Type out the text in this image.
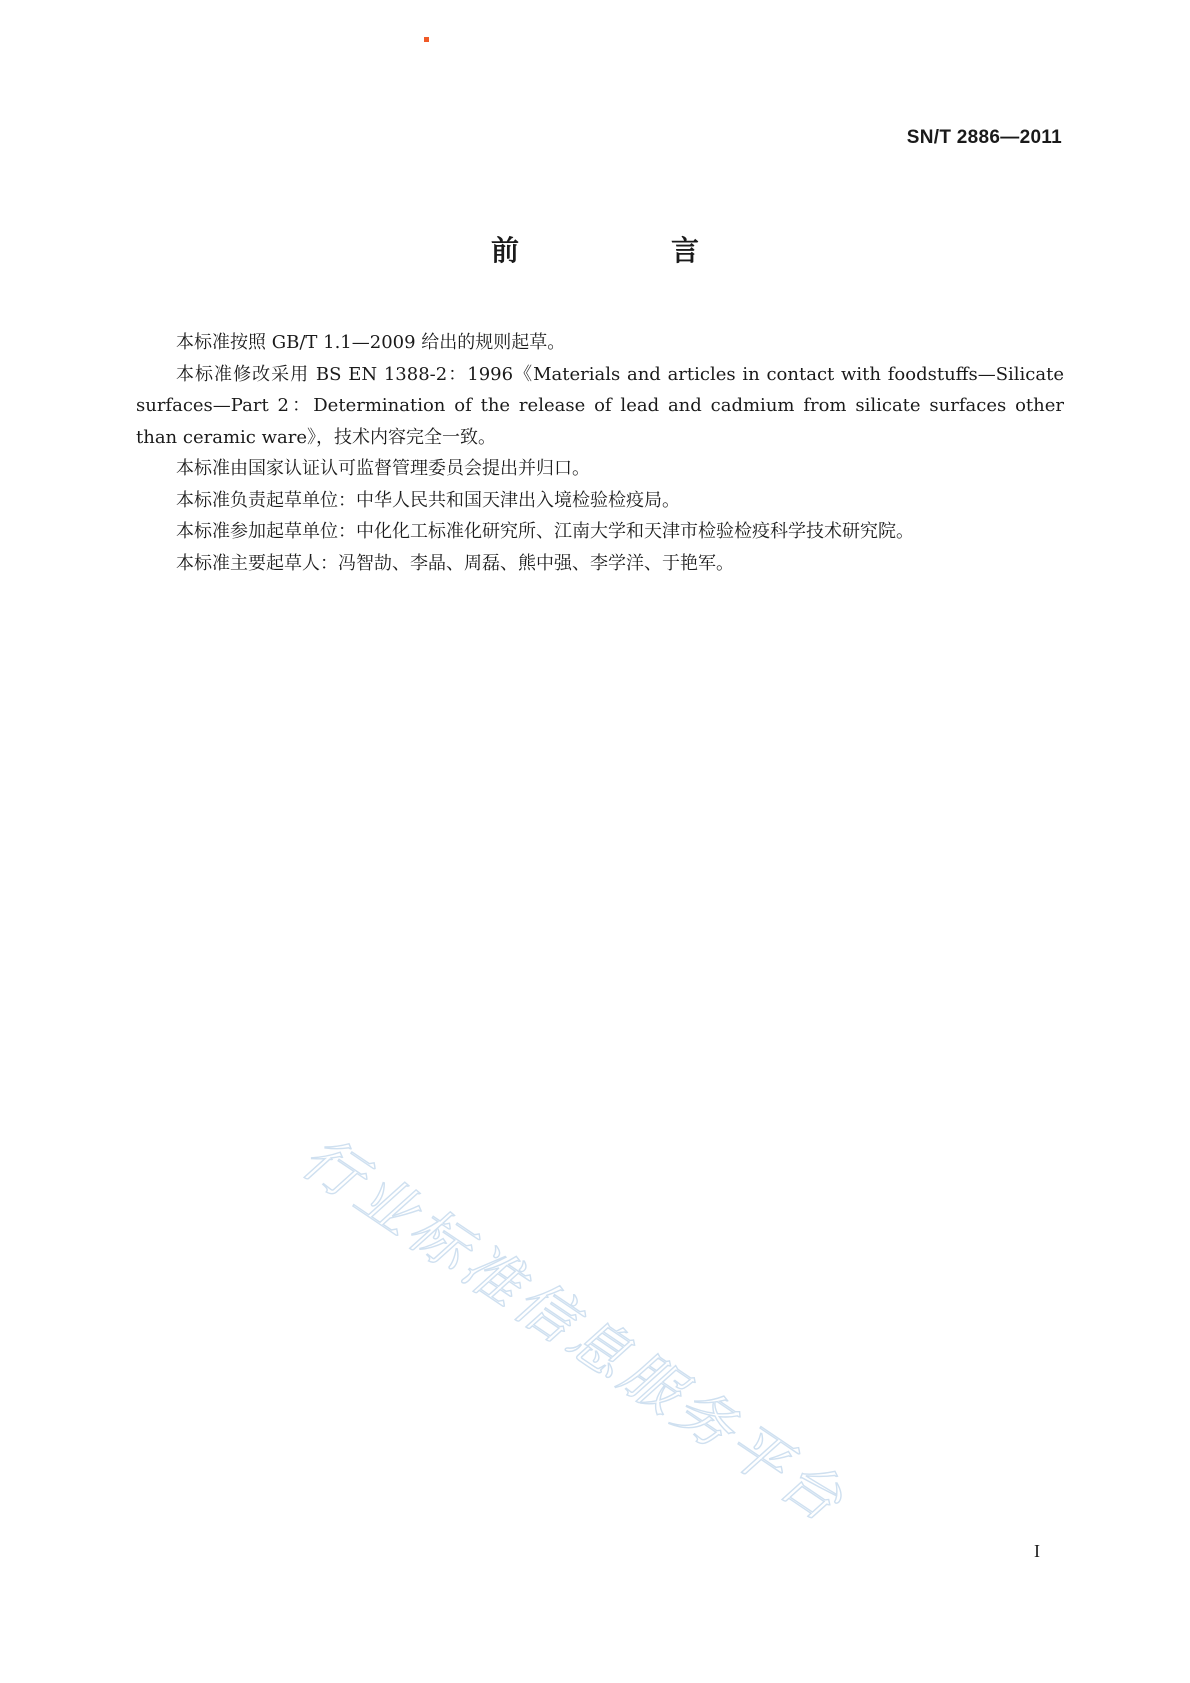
SN/T 2886—2011
前　言

本标准按照 GB/T 1.1—2009 给出的规则起草。

本标准修改采用 BS EN 1388-2：1996《Materials and articles in contact with foodstuffs—Silicate surfaces—Part 2：Determination of the release of lead and cadmium from silicate surfaces other than ceramic ware》，技术内容完全一致。

本标准由国家认证认可监督管理委员会提出并归口。

本标准负责起草单位：中华人民共和国天津出入境检验检疫局。

本标准参加起草单位：中化化工标准化研究所、江南大学和天津市检验检疫科学技术研究院。

本标准主要起草人：冯智劼、李晶、周磊、熊中强、李学洋、于艳军。

行业标准信息服务平台
I
